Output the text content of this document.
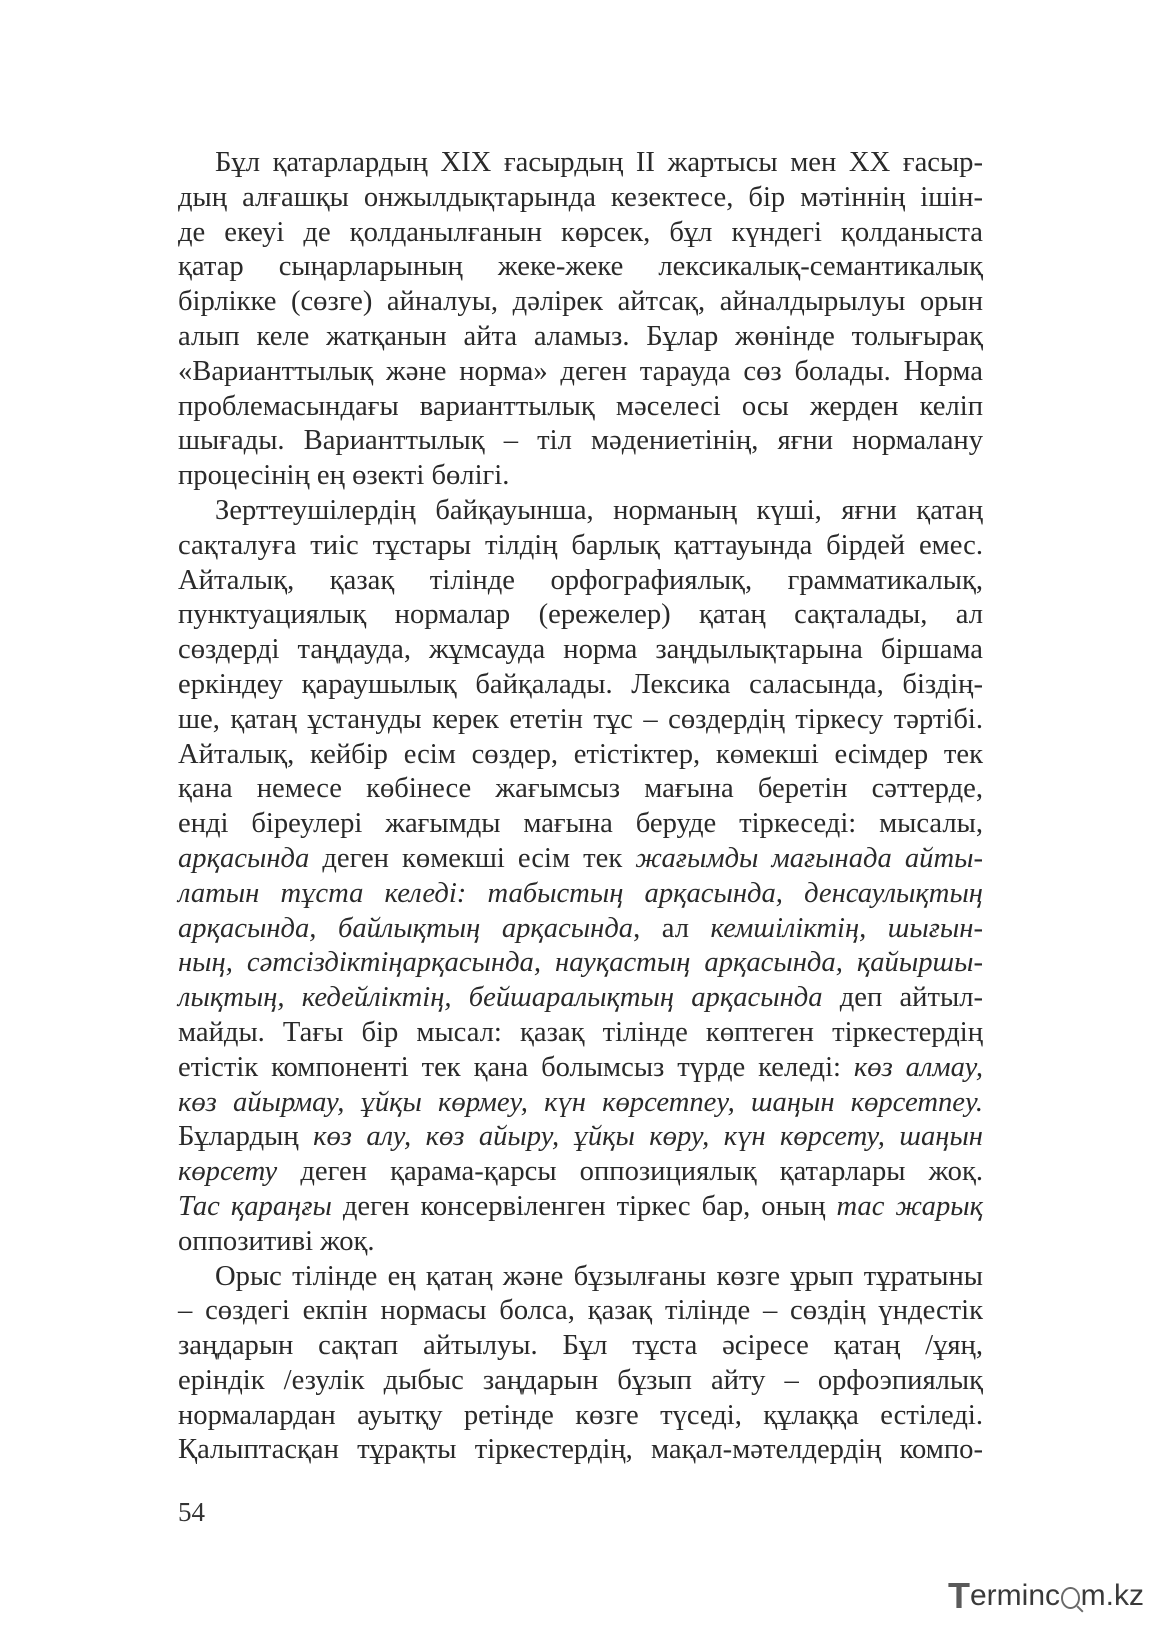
Бұл қатарлардың XIX ғасырдың II жартысы мен XX ғасыр-
дың алғашқы онжылдықтарында кезектесе, бір мәтіннің ішін-
де екеуі де қолданылғанын көрсек, бұл күндегі қолданыста
қатар сыңарларының жеке-жеке лексикалық-семантикалық
бірлікке (сөзге) айналуы, дәлірек айтсақ, айналдырылуы орын
алып келе жатқанын айта аламыз. Бұлар жөнінде толығырақ
«Варианттылық және норма» деген тарауда сөз болады. Норма
проблемасындағы варианттылық мәселесі осы жерден келіп
шығады. Варианттылық – тіл мәдениетінің, яғни нормалану
процесінің ең өзекті бөлігі.
Зерттеушілердің байқауынша, норманың күші, яғни қатаң
сақталуға тиіс тұстары тілдің барлық қаттауында бірдей емес.
Айталық, қазақ тілінде орфографиялық, грамматикалық,
пунктуациялық нормалар (ережелер) қатаң сақталады, ал
сөздерді таңдауда, жұмсауда норма заңдылықтарына біршама
еркіндеу қараушылық байқалады. Лексика саласында, біздің-
ше, қатаң ұстануды керек ететін тұс – сөздердің тіркесу тәртібі.
Айталық, кейбір есім сөздер, етістіктер, көмекші есімдер тек
қана немесе көбінесе жағымсыз мағына беретін сәттерде,
енді біреулері жағымды мағына беруде тіркеседі: мысалы,
арқасында деген көмекші есім тек жағымды мағынада айты-
латын тұста келеді: табыстың арқасында, денсаулықтың
арқасында, байлықтың арқасында, ал кемшіліктің, шығын-
ның, сәтсіздіктіңарқасында, науқастың арқасында, қайыршы-
лықтың, кедейліктің, бейшаралықтың арқасында деп айтыл-
майды. Тағы бір мысал: қазақ тілінде көптеген тіркестердің
етістік компоненті тек қана болымсыз түрде келеді: көз алмау,
көз айырмау, ұйқы көрмеу, күн көрсетпеу, шаңын көрсетпеу.
Бұлардың көз алу, көз айыру, ұйқы көру, күн көрсету, шаңын
көрсету деген қарама-қарсы оппозициялық қатарлары жоқ.
Тас қараңғы деген консервіленген тіркес бар, оның тас жарық
оппозитиві жоқ.
Орыс тілінде ең қатаң және бұзылғаны көзге ұрып тұратыны
– сөздегі екпін нормасы болса, қазақ тілінде – сөздің үндестік
заңдарын сақтап айтылуы. Бұл тұста әсіресе қатаң /ұяң,
еріндік /езулік дыбыс заңдарын бұзып айту – орфоэпиялық
нормалардан ауытқу ретінде көзге түседі, құлаққа естіледі.
Қалыптасқан тұрақты тіркестердің, мақал-мәтелдердің компо-
54
T erminc m.kz
